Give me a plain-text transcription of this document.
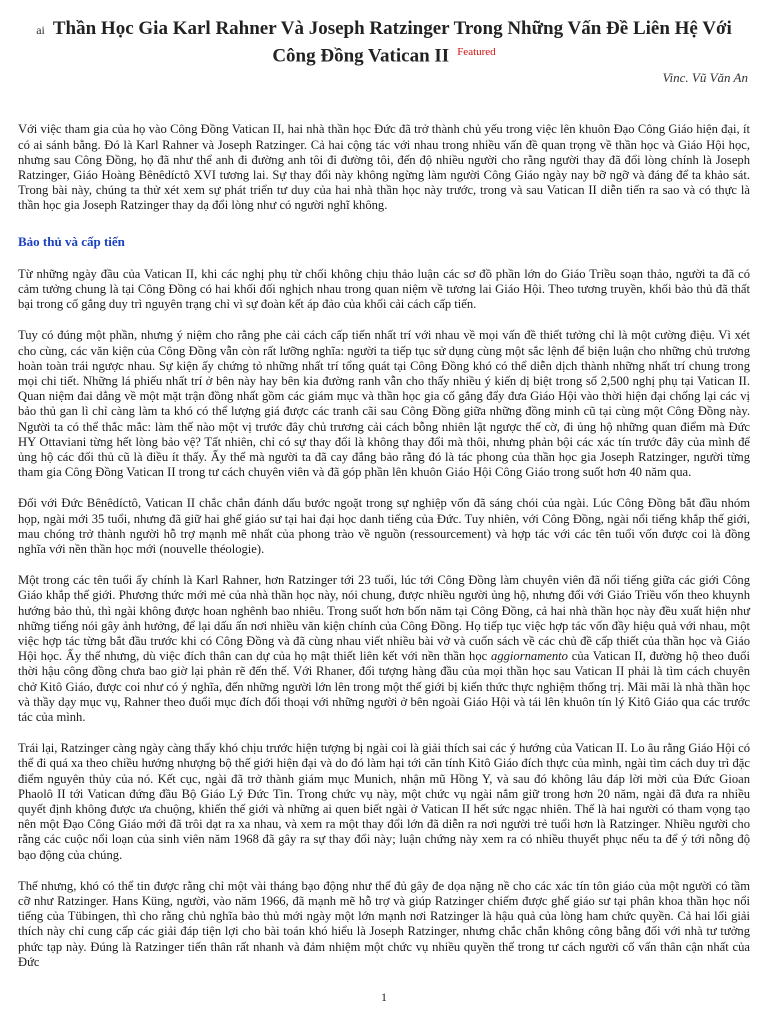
ai Thần Học Gia Karl Rahner Và Joseph Ratzinger Trong Những Vấn Đề Liên Hệ Với Công Đồng Vatican II $^{Featured}$
Vinc. Vũ Văn An

Với việc tham gia của họ vào Công Đồng Vatican II, hai nhà thần học Đức đã trở thành chủ yếu trong việc lên khuôn Đạo Công Giáo hiện đại, ít có ai sánh bằng. Đó là Karl Rahner và Joseph Ratzinger. Cả hai cộng tác với nhau trong nhiều vấn đề quan trọng về thần học và Giáo Hội học, nhưng sau Công Đồng, họ đã như thể anh đi đường anh tôi đi đường tôi, đến độ nhiều người cho rằng người thay đã đổi lòng chính là Joseph Ratzinger, Giáo Hoàng Bênêdíctô XVI tương lai. Sự thay đổi này không ngừng làm người Công Giáo ngày nay bỡ ngỡ và đáng để ta khảo sát. Trong bài này, chúng ta thử xét xem sự phát triển tư duy của hai nhà thần học này trước, trong và sau Vatican II diễn tiến ra sao và có thực là thần học gia Joseph Ratzinger thay dạ đổi lòng như có người nghĩ không.

Bảo thủ và cấp tiến

Từ những ngày đầu của Vatican II, khi các nghị phụ từ chối không chịu thảo luận các sơ đồ phần lớn do Giáo Triều soạn thảo, người ta đã có cảm tưởng chung là tại Công Đồng có hai khối đối nghịch nhau trong quan niệm về tương lai Giáo Hội. Theo tương truyền, khối bảo thủ đã thất bại trong cố gắng duy trì nguyên trạng chỉ vì sự đoàn kết áp đảo của khối cải cách cấp tiến.

Tuy có đúng một phần, nhưng ý niệm cho rằng phe cải cách cấp tiến nhất trí với nhau về mọi vấn đề thiết tưởng chỉ là một cường điệu. Vì xét cho cùng, các văn kiện của Công Đồng vẫn còn rất lưỡng nghĩa: người ta tiếp tục sử dụng cùng một sắc lệnh để biện luận cho những chủ trương hoàn toàn trái ngược nhau. Sự kiện ấy chứng tỏ những nhất trí tổng quát tại Công Đồng khó có thể diễn dịch thành những nhất trí chung trong mọi chi tiết. Những lá phiếu nhất trí ở bên này hay bên kia đường ranh vẫn cho thấy nhiều ý kiến dị biệt trong số 2,500 nghị phụ tại Vatican II. Quan niệm đai dẳng về một mặt trận đồng nhất gồm các giám mục và thần học gia cố gắng đẩy đưa Giáo Hội vào thời hiện đại chống lại các vị bảo thủ gan lì chỉ càng làm ta khó có thể lượng giá được các tranh cãi sau Công Đồng giữa những đồng minh cũ tại cùng một Công Đồng này. Người ta có thể thắc mắc: làm thế nào một vị trước đây chủ trương cải cách bỗng nhiên lật ngược thế cờ, đi ủng hộ những quan điểm mà Đức HY Ottaviani từng hết lòng bảo vệ? Tất nhiên, chỉ có sự thay đổi là không thay đổi mà thôi, nhưng phản bội các xác tín trước đây của mình để ủng hộ các đối thủ cũ là điều ít thấy. Ấy thế mà người ta đã cay đắng bảo rằng đó là tác phong của thần học gia Joseph Ratzinger, người từng tham gia Công Đồng Vatican II trong tư cách chuyên viên và đã góp phần lên khuôn Giáo Hội Công Giáo trong suốt hơn 40 năm qua.

Đối với Đức Bênêdíctô, Vatican II chắc chắn đánh dấu bước ngoặt trong sự nghiệp vốn đã sáng chói của ngài. Lúc Công Đồng bắt đầu nhóm họp, ngài mới 35 tuổi, nhưng đã giữ hai ghế giáo sư tại hai đại học danh tiếng của Đức. Tuy nhiên, với Công Đồng, ngài nổi tiếng khắp thế giới, mau chóng trở thành người hỗ trợ mạnh mẽ nhất của phong trào về nguồn (ressourcement) và hợp tác với các tên tuổi vốn được coi là đồng nghĩa với nền thần học mới (nouvelle théologie).

Một trong các tên tuổi ấy chính là Karl Rahner, hơn Ratzinger tới 23 tuổi, lúc tới Công Đồng làm chuyên viên đã nổi tiếng giữa các giới Công Giáo khắp thế giới. Phương thức mới mẻ của nhà thần học này, nói chung, được nhiều người ủng hộ, nhưng đối với Giáo Triều vốn theo khuynh hướng bảo thủ, thì ngài không được hoan nghênh bao nhiêu. Trong suốt hơn bốn năm tại Công Đồng, cả hai nhà thần học này đều xuất hiện như những tiếng nói gây ảnh hưởng, để lại dấu ấn nơi nhiều văn kiện chính của Công Đồng. Họ tiếp tục việc hợp tác vốn đầy hiệu quả với nhau, một việc hợp tác từng bắt đầu trước khi có Công Đồng và đã cùng nhau viết nhiều bài vở và cuốn sách về các chủ đề cấp thiết của thần học và Giáo Hội học. Ấy thế nhưng, dù việc đích thân can dự của họ mật thiết liên kết với nền thần học aggiornamento của Vatican II, đường hộ theo đuổi thời hậu công đồng chưa bao giờ lại phản rẽ đến thế. Với Rhaner, đổi tượng hàng đầu của mọi thần học sau Vatican II phải là tìm cách chuyên chở Kitô Giáo, được coi như có ý nghĩa, đến những người lớn lên trong một thế giới bị kiến thức thực nghiệm thống trị. Mãi mãi là nhà thần học và thầy dạy mục vụ, Rahner theo đuổi mục đích đối thoại với những người ở bên ngoài Giáo Hội và tái lên khuôn tín lý Kitô Giáo qua các trước tác của mình.

Trái lại, Ratzinger càng ngày càng thấy khó chịu trước hiện tượng bị ngài coi là giải thích sai các ý hướng của Vatican II. Lo âu rằng Giáo Hội có thể đi quá xa theo chiều hướng nhượng bộ thế giới hiện đại và do đó làm hại tới căn tính Kitô Giáo đích thực của mình, ngài tìm cách duy trì đặc điểm nguyên thủy của nó. Kết cục, ngài đã trở thành giám mục Munich, nhận mũ Hồng Y, và sau đó không lâu đáp lời mời của Đức Gioan Phaolô II tới Vatican đứng đầu Bộ Giáo Lý Đức Tin. Trong chức vụ này, một chức vụ ngài nắm giữ trong hơn 20 năm, ngài đã đưa ra nhiều quyết định không được ưa chuộng, khiến thế giới và những ai quen biết ngài ở Vatican II hết sức ngạc nhiên. Thế là hai người có tham vọng tạo nên một Đạo Công Giáo mới đã trôi dạt ra xa nhau, và xem ra một thay đổi lớn đã diễn ra nơi người trẻ tuổi hơn là Ratzinger. Nhiều người cho rằng các cuộc nổi loạn của sinh viên năm 1968 đã gây ra sự thay đổi này; luận chứng này xem ra có nhiều thuyết phục nếu ta để ý tới nỗng độ bạo động của chúng.

Thế nhưng, khó có thể tin được rằng chỉ một vài tháng bạo động như thế đủ gây đe dọa nặng nề cho các xác tín tôn giáo của một người có tầm cỡ như Ratzinger. Hans Küng, người, vào năm 1966, đã mạnh mẽ hỗ trợ và giúp Ratzinger chiếm được ghế giáo sư tại phân khoa thần học nổi tiếng của Tübingen, thì cho rằng chủ nghĩa bảo thủ mới ngày một lớn mạnh nơi Ratzinger là hậu quả của lòng ham chức quyền. Cả hai lối giải thích này chỉ cung cấp các giải đáp tiện lợi cho bài toán khó hiểu là Joseph Ratzinger, nhưng chắc chắn không công bằng đối với nhà tư tưởng phức tạp này. Đúng là Ratzinger tiến thân rất nhanh và đảm nhiệm một chức vụ nhiều quyền thế trong tư cách người cố vấn thân cận nhất của Đức

1
